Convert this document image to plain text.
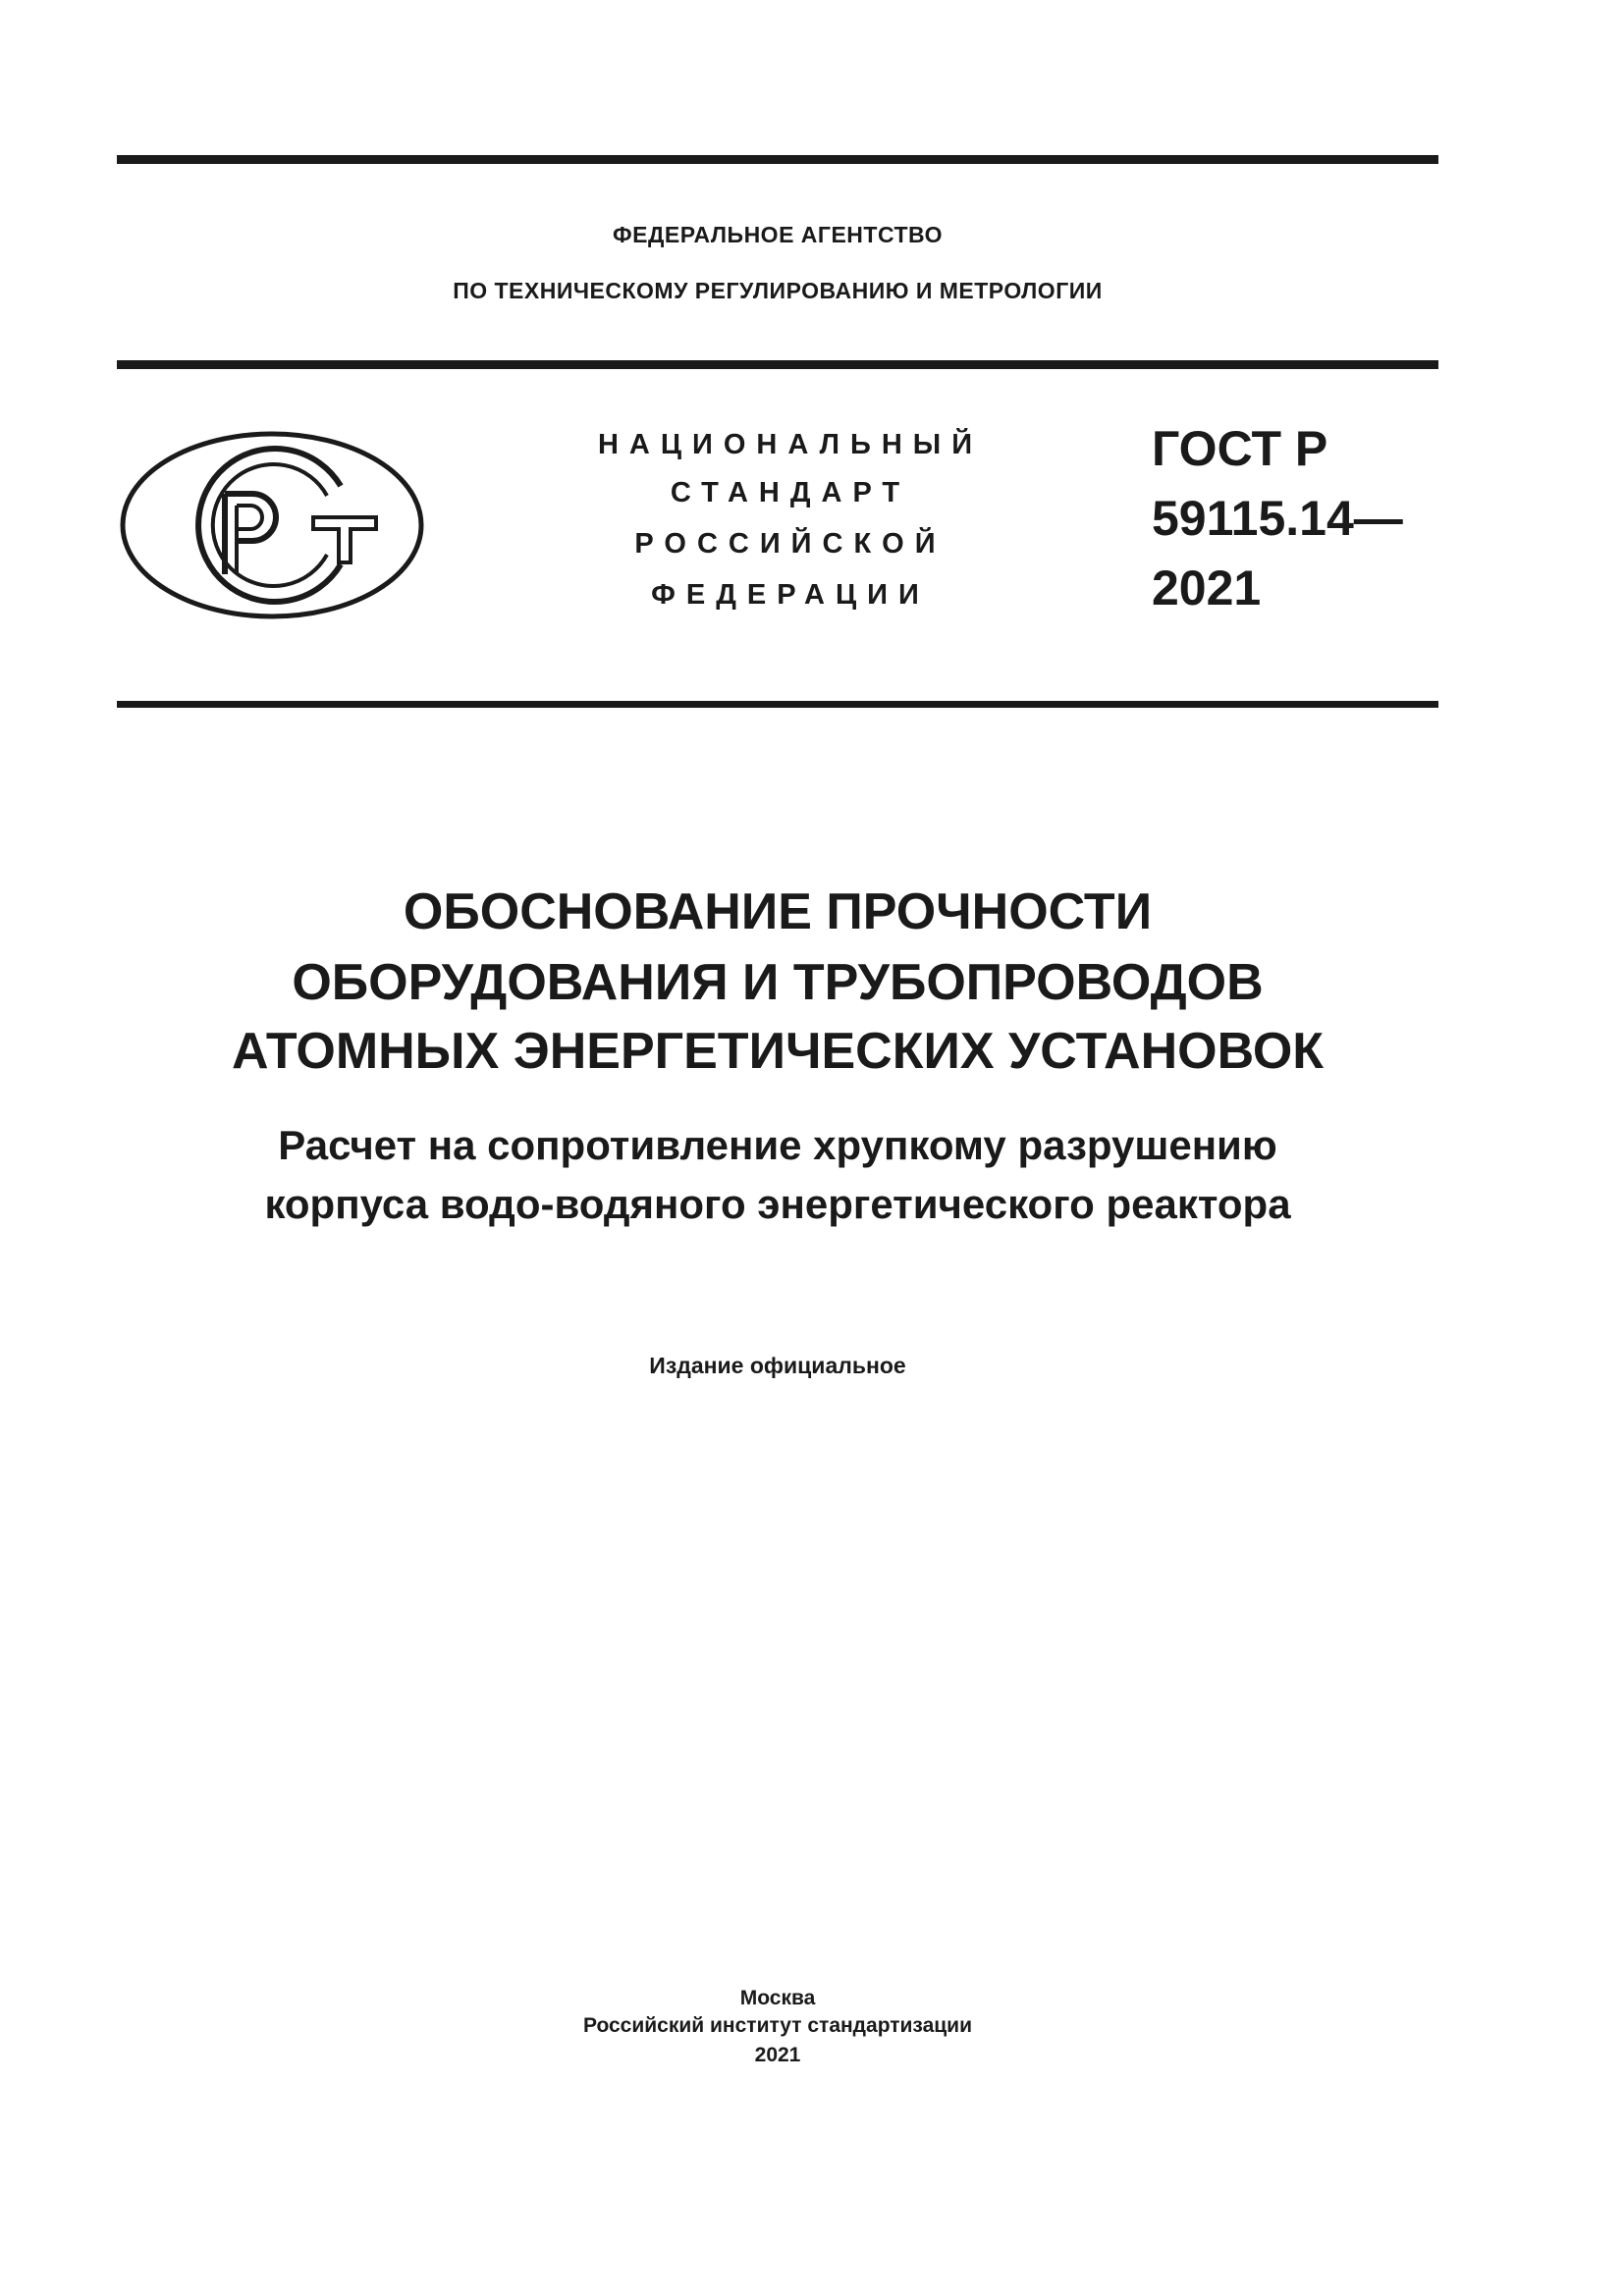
ФЕДЕРАЛЬНОЕ АГЕНТСТВО
ПО ТЕХНИЧЕСКОМУ РЕГУЛИРОВАНИЮ И МЕТРОЛОГИИ
НАЦИОНАЛЬНЫЙ
СТАНДАРТ
РОССИЙСКОЙ
ФЕДЕРАЦИИ
ГОСТ Р
59115.14—
2021
ОБОСНОВАНИЕ ПРОЧНОСТИ
ОБОРУДОВАНИЯ И ТРУБОПРОВОДОВ
АТОМНЫХ ЭНЕРГЕТИЧЕСКИХ УСТАНОВОК
Расчет на сопротивление хрупкому разрушению
корпуса водо-водяного энергетического реактора
Издание официальное
Москва
Российский институт стандартизации
2021
